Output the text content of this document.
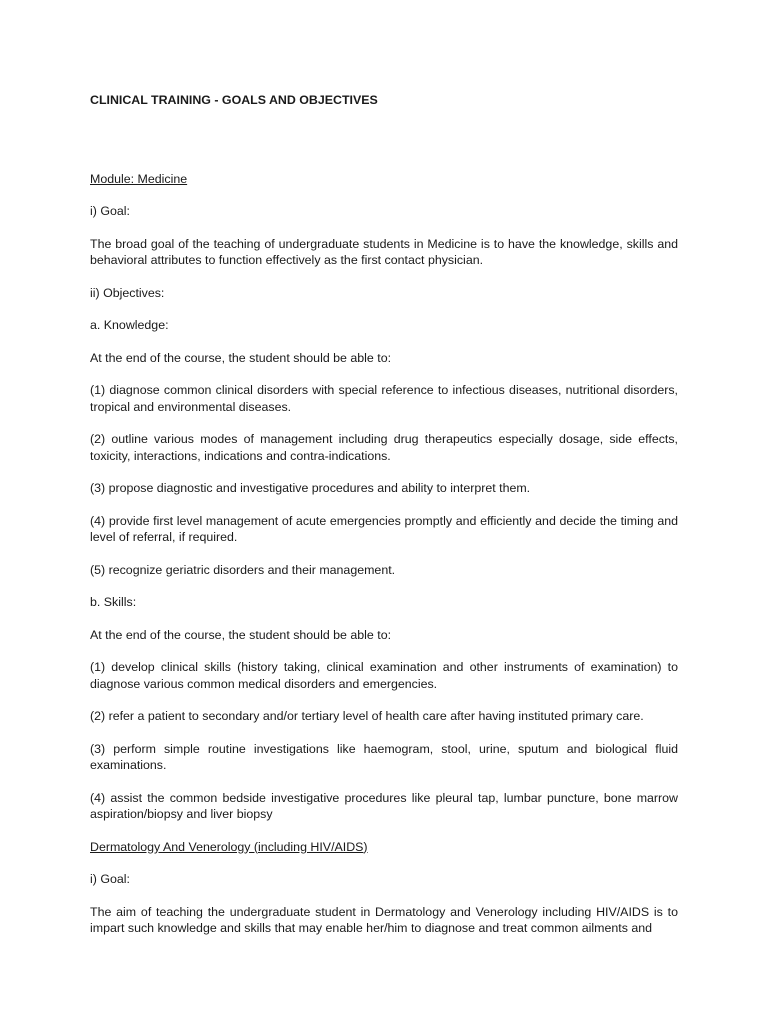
CLINICAL TRAINING - GOALS AND OBJECTIVES

Module: Medicine

i) Goal:

The broad goal of the teaching of undergraduate students in Medicine is to have the knowledge, skills and behavioral attributes to function effectively as the first contact physician.

ii) Objectives:

a. Knowledge:

At the end of the course, the student should be able to:

(1) diagnose common clinical disorders with special reference to infectious diseases, nutritional disorders, tropical and environmental diseases.

(2) outline various modes of management including drug therapeutics especially dosage, side effects, toxicity, interactions, indications and contra-indications.

(3) propose diagnostic and investigative procedures and ability to interpret them.

(4) provide first level management of acute emergencies promptly and efficiently and decide the timing and level of referral, if required.

(5) recognize geriatric disorders and their management.

b. Skills:

At the end of the course, the student should be able to:

(1) develop clinical skills (history taking, clinical examination and other instruments of examination) to diagnose various common medical disorders and emergencies.

(2) refer a patient to secondary and/or tertiary level of health care after having instituted primary care.

(3) perform simple routine investigations like haemogram, stool, urine, sputum and biological fluid examinations.

(4) assist the common bedside investigative procedures like pleural tap, lumbar puncture, bone marrow aspiration/biopsy and liver biopsy

Dermatology And Venerology (including HIV/AIDS)

i) Goal:

The aim of teaching the undergraduate student in Dermatology and Venerology including HIV/AIDS is to impart such knowledge and skills that may enable her/him to diagnose and treat common ailments and
